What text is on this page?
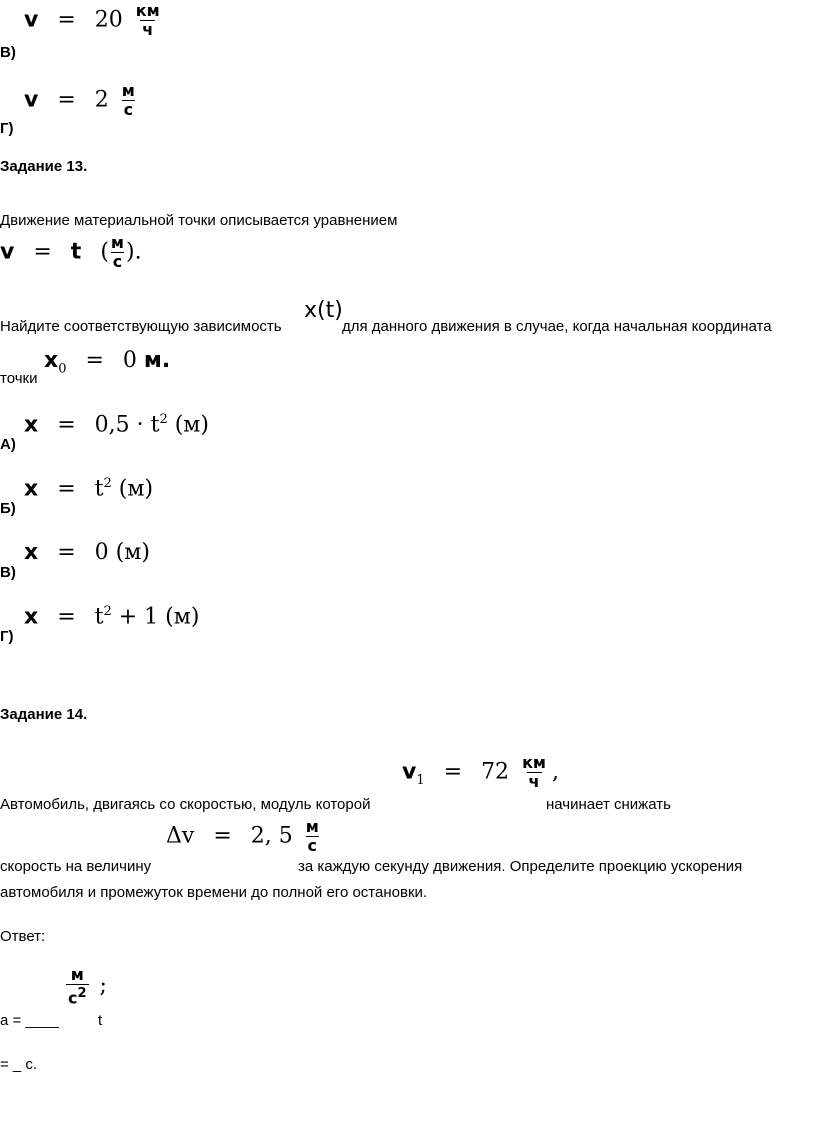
$v = 20 \frac{км}{ч}$
В)
$v = 2 \frac{м}{с}$
Г)
Задание 13.
Движение материальной точки описывается уравнением
v = t ( $\frac{м}{с}$ ).
x(t)
Найдите соответствующую зависимость	для данного движения в случае, когда начальная координата
$x_0 = 0$ м.
точки
$x = 0,5 \cdot t^2$ (м)
А)
$x = t^2$ (м)
Б)
x = 0 (м)
В)
$x = t^2 + 1$ (м)
Г)
Задание 14.
$v_1 = 72 \frac{км}{ч}$ ,
Автомобиль, двигаясь со скоростью, модуль которой	начинает снижать
Δv = 2, $5 \frac{м}{с}$
скорость на величину	за каждую секунду движения. Определите проекцию ускорения
автомобиля и промежуток времени до полной его остановки.
Ответ:
$\frac{м}{с^2}$ ;
а = ____	t
= _ с.
